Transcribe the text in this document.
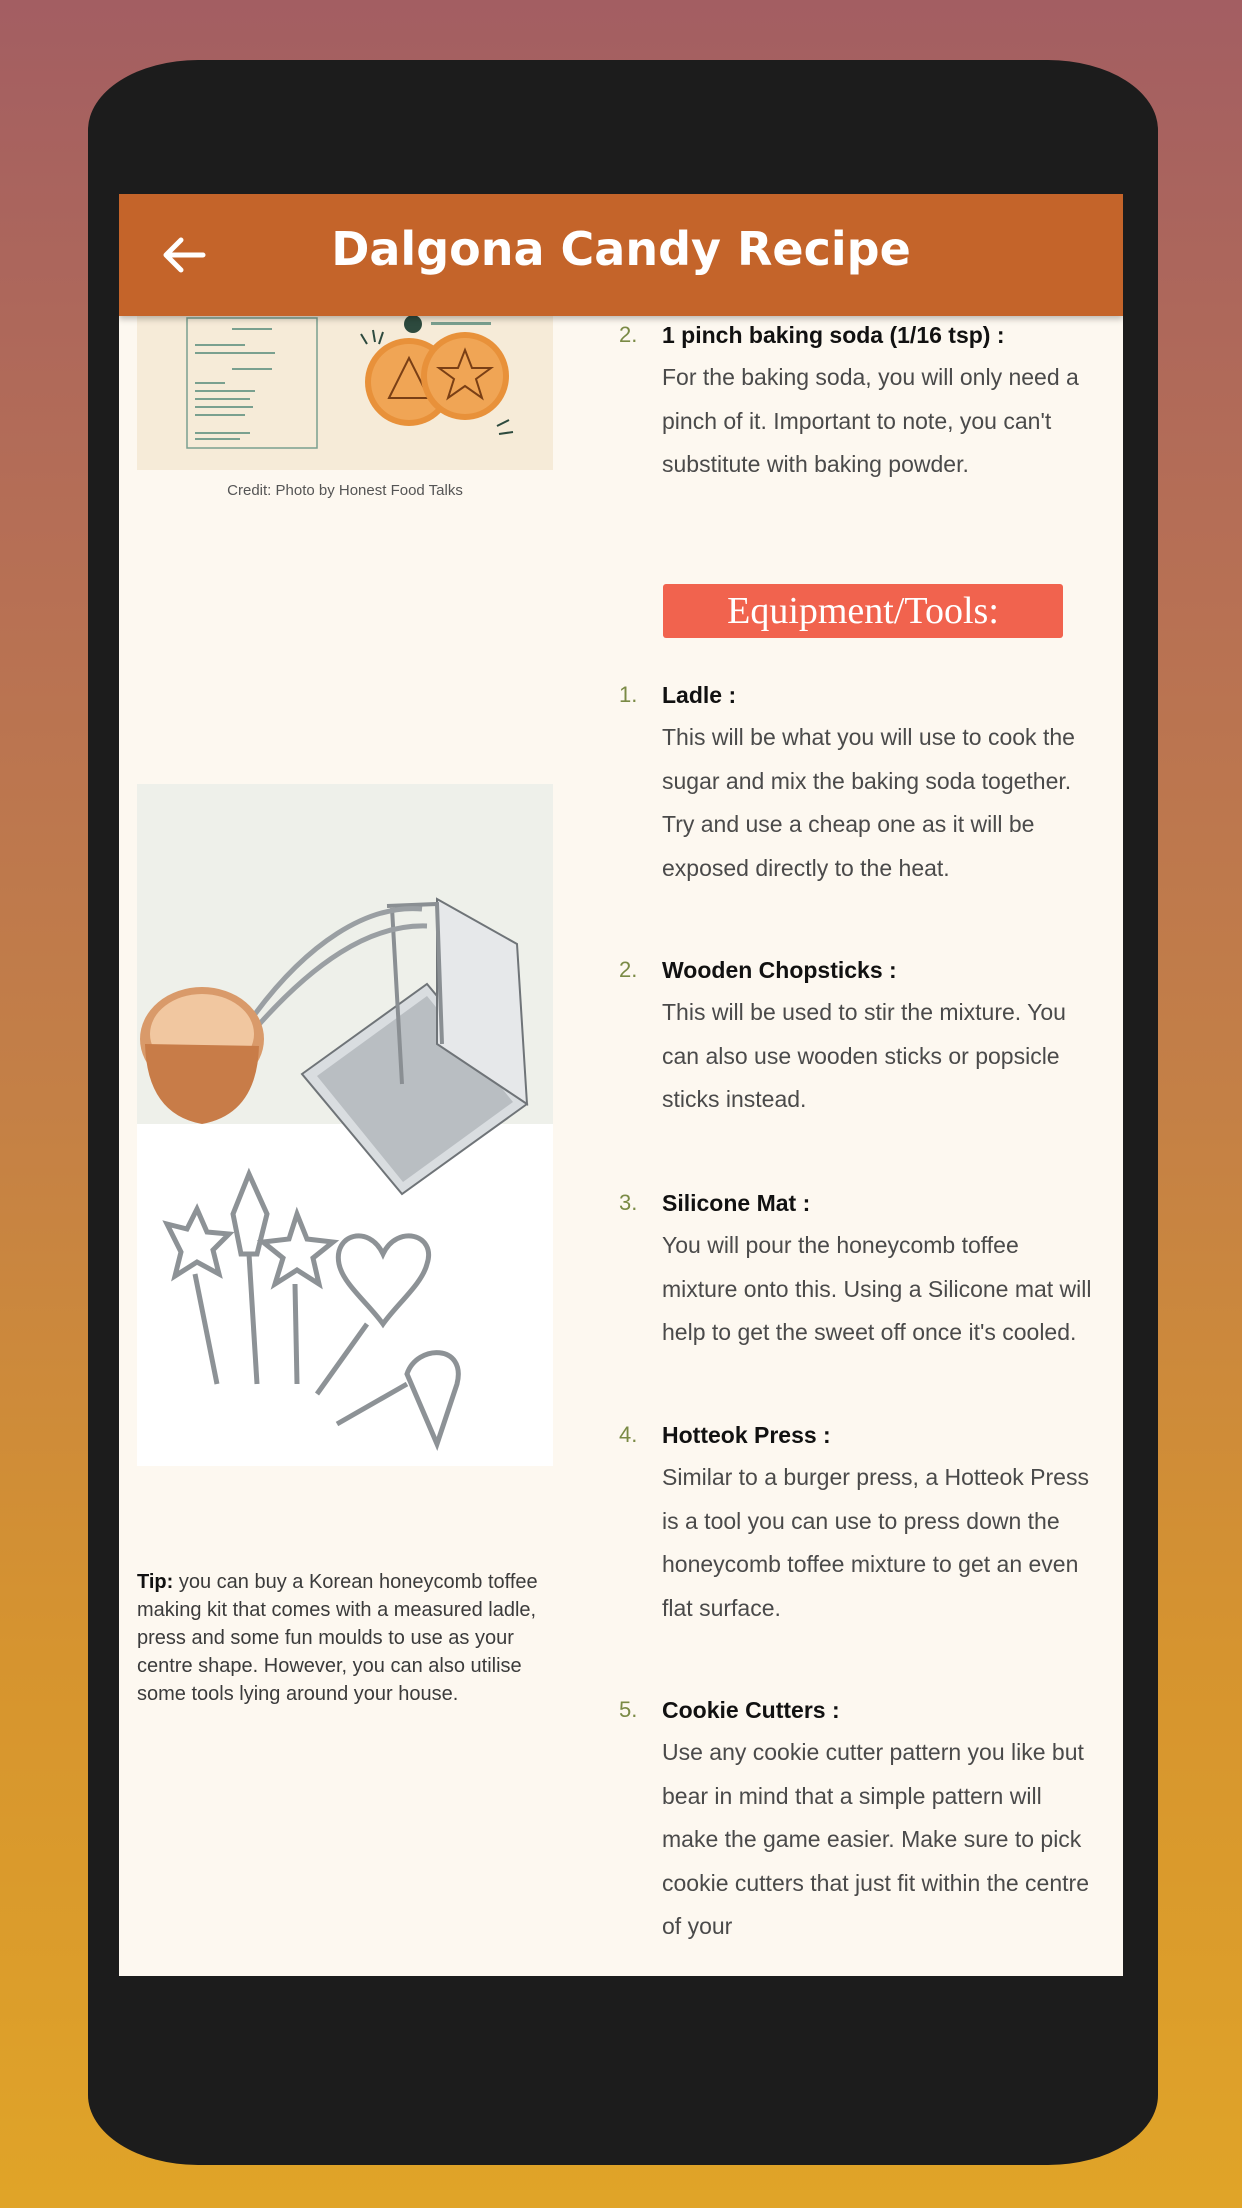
Dalgona Candy Recipe
Credit: Photo by Honest Food Talks
Tip: you can buy a Korean honeycomb toffee making kit that comes with a measured ladle, press and some fun moulds to use as your centre shape. However, you can also utilise some tools lying around your house.
2. 1 pinch baking soda (1/16 tsp) :
For the baking soda, you will only need a pinch of it. Important to note, you can't substitute with baking powder.
Equipment/Tools:
1. Ladle :
This will be what you will use to cook the sugar and mix the baking soda together. Try and use a cheap one as it will be exposed directly to the heat.
2. Wooden Chopsticks :
This will be used to stir the mixture. You can also use wooden sticks or popsicle sticks instead.
3. Silicone Mat :
You will pour the honeycomb toffee mixture onto this. Using a Silicone mat will help to get the sweet off once it's cooled.
4. Hotteok Press :
Similar to a burger press, a Hotteok Press is a tool you can use to press down the honeycomb toffee mixture to get an even flat surface.
5. Cookie Cutters :
Use any cookie cutter pattern you like but bear in mind that a simple pattern will make the game easier. Make sure to pick cookie cutters that just fit within the centre of your
